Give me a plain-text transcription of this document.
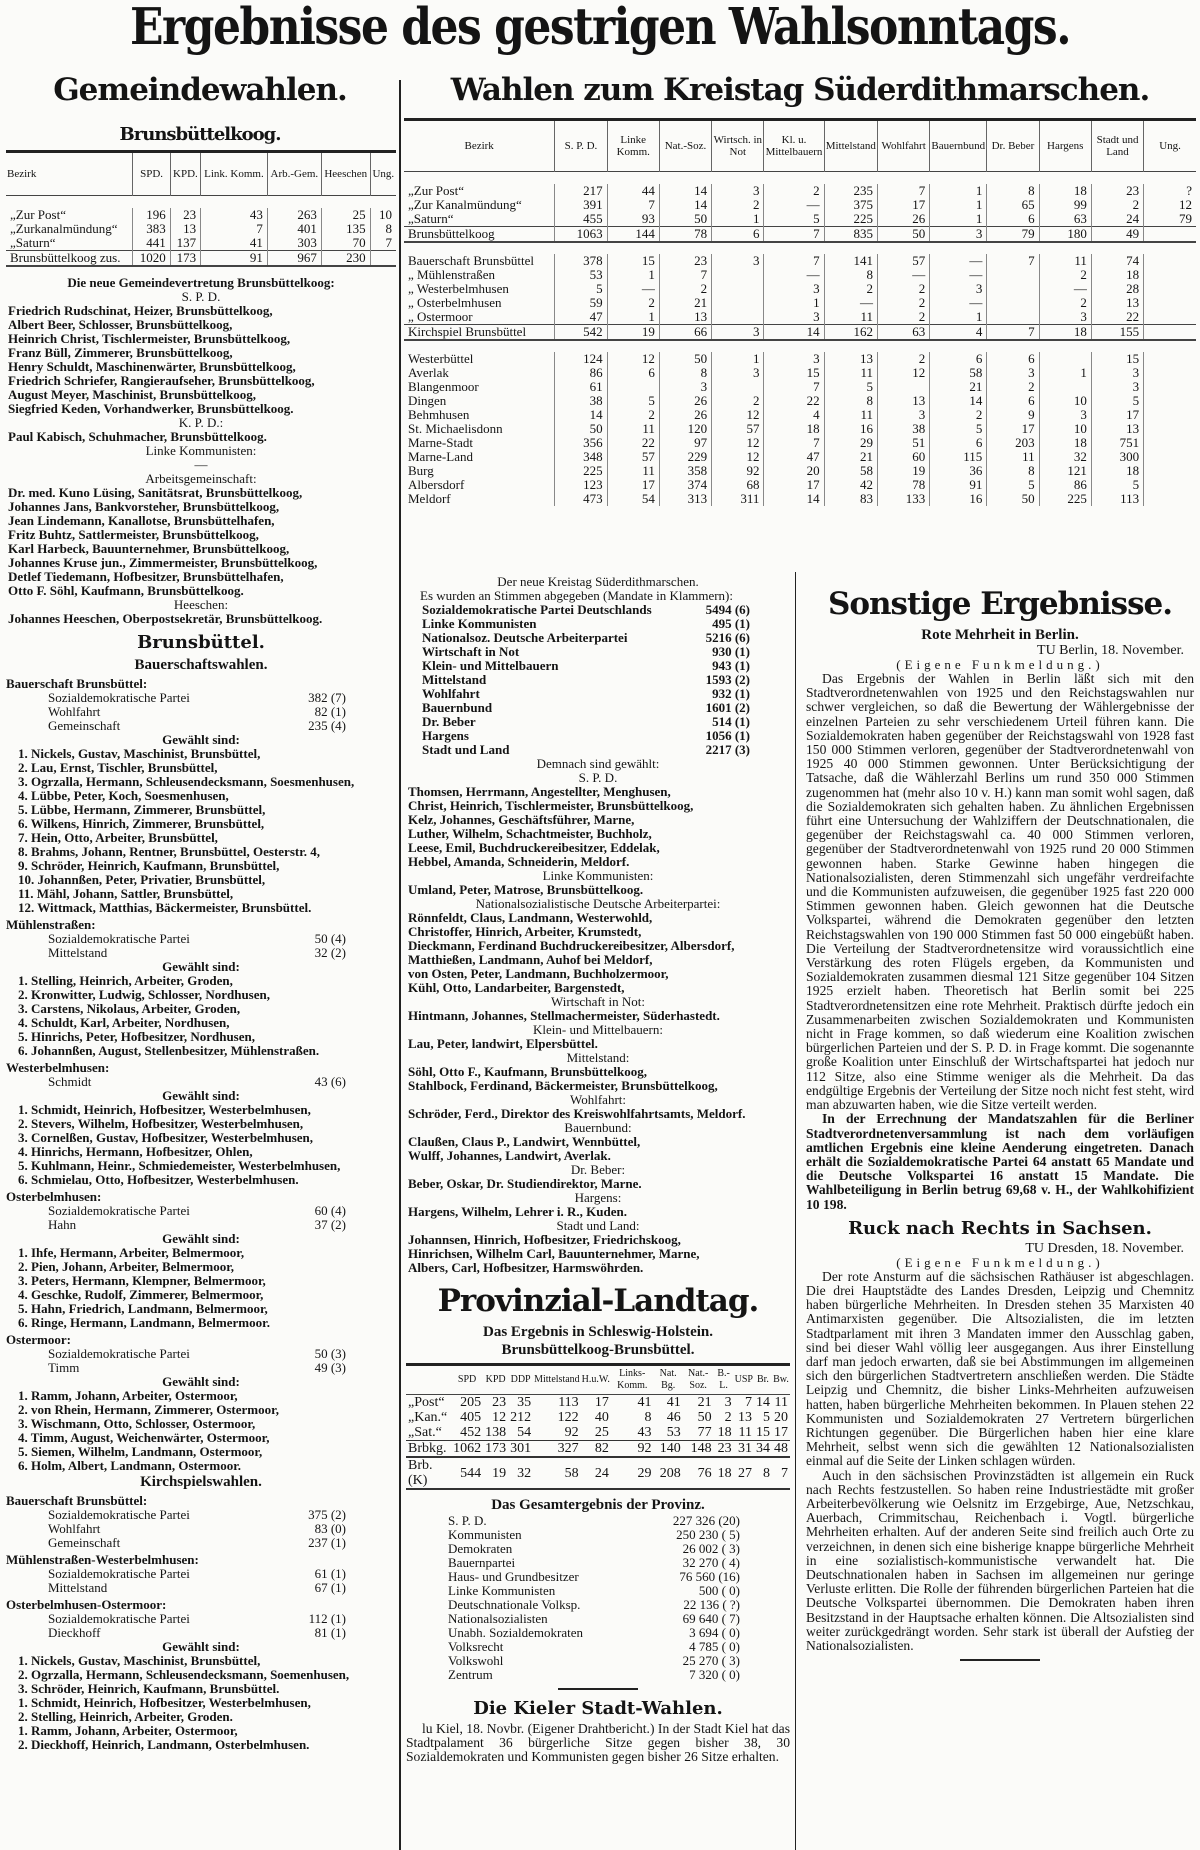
Ergebnisse des gestrigen Wahlsonntags.
Gemeindewahlen.	Wahlen zum Kreistag Süderdithmarschen.
Brunsbüttelkoog.
Bezirk	SPD.	KPD.	Link. Komm.	Arb.-Gem.	Heeschen	Ung.

„Zur Post“	196	23	43	263	25	10
„Zurkanalmündung“	383	13	7	401	135	8
„Saturn“	441	137	41	303	70	7
Brunsbüttelkoog zus.	1020	173	91	967	230	
Bezirk	S. P. D.	Linke Komm.	Nat.-Soz.	Wirtsch. in Not	Kl. u. Mittelbauern	Mittelstand	Wohlfahrt	Bauernbund	Dr. Beber	Hargens	Stadt und Land	Ung.

„Zur Post“	217	44	14	3	2	235	7	1	8	18	23	?
„Zur Kanalmündung“	391	7	14	2	—	375	17	1	65	99	2	12
„Saturn“	455	93	50	1	5	225	26	1	6	63	24	79
Brunsbüttelkoog	1063	144	78	6	7	835	50	3	79	180	49	

Bauerschaft Brunsbüttel	378	15	23	3	7	141	57	—	7	11	74	
„ Mühlenstraßen	53	1	7		—	8	—	—		2	18	
„ Westerbelmhusen	5	—	2		3	2	2	3		—	28	
„ Osterbelmhusen	59	2	21		1	—	2	—		2	13	
„ Ostermoor	47	1	13		3	11	2	1		3	22	
Kirchspiel Brunsbüttel	542	19	66	3	14	162	63	4	7	18	155	

Westerbüttel	124	12	50	1	3	13	2	6	6		15	
Averlak	86	6	8	3	15	11	12	58	3	1	3	
Blangenmoor	61		3		7	5		21	2		3	
Dingen	38	5	26	2	22	8	13	14	6	10	5	
Behmhusen	14	2	26	12	4	11	3	2	9	3	17	
St. Michaelisdonn	50	11	120	57	18	16	38	5	17	10	13	
Marne-Stadt	356	22	97	12	7	29	51	6	203	18	751	
Marne-Land	348	57	229	12	47	21	60	115	11	32	300	
Burg	225	11	358	92	20	58	19	36	8	121	18	
Albersdorf	123	17	374	68	17	42	78	91	5	86	5	
Meldorf	473	54	313	311	14	83	133	16	50	225	113	
Die neue Gemeindevertretung Brunsbüttelkoog:
S. P. D.
Friedrich Rudschinat, Heizer, Brunsbüttelkoog,
Albert Beer, Schlosser, Brunsbüttelkoog,
Heinrich Christ, Tischlermeister, Brunsbüttelkoog,
Franz Büll, Zimmerer, Brunsbüttelkoog,
Henry Schuldt, Maschinenwärter, Brunsbüttelkoog,
Friedrich Schriefer, Rangieraufseher, Brunsbüttelkoog,
August Meyer, Maschinist, Brunsbüttelkoog,
Siegfried Keden, Vorhandwerker, Brunsbüttelkoog.
K. P. D.:
Paul Kabisch, Schuhmacher, Brunsbüttelkoog.
Linke Kommunisten:
—
Arbeitsgemeinschaft:
Dr. med. Kuno Lüsing, Sanitätsrat, Brunsbüttelkoog,
Johannes Jans, Bankvorsteher, Brunsbüttelkoog,
Jean Lindemann, Kanallotse, Brunsbüttelhafen,
Fritz Buhtz, Sattlermeister, Brunsbüttelkoog,
Karl Harbeck, Bauunternehmer, Brunsbüttelkoog,
Johannes Kruse jun., Zimmermeister, Brunsbüttelkoog,
Detlef Tiedemann, Hofbesitzer, Brunsbüttelhafen,
Otto F. Söhl, Kaufmann, Brunsbüttelkoog.
Heeschen:
Johannes Heeschen, Oberpostsekretär, Brunsbüttelkoog.
Brunsbüttel.
Bauerschaftswahlen.
Bauerschaft Brunsbüttel:
Sozialdemokratische Partei	382 (7)
Wohlfahrt	82 (1)
Gemeinschaft	235 (4)
Gewählt sind:
1. Nickels, Gustav, Maschinist, Brunsbüttel,
2. Lau, Ernst, Tischler, Brunsbüttel,
3. Ogrzalla, Hermann, Schleusendecksmann, Soesmenhusen,
4. Lübbe, Peter, Koch, Soesmenhusen,
5. Lübbe, Hermann, Zimmerer, Brunsbüttel,
6. Wilkens, Hinrich, Zimmerer, Brunsbüttel,
7. Hein, Otto, Arbeiter, Brunsbüttel,
8. Brahms, Johann, Rentner, Brunsbüttel, Oesterstr. 4,
9. Schröder, Heinrich, Kaufmann, Brunsbüttel,
10. Johannßen, Peter, Privatier, Brunsbüttel,
11. Mähl, Johann, Sattler, Brunsbüttel,
12. Wittmack, Matthias, Bäckermeister, Brunsbüttel.
Mühlenstraßen:
Sozialdemokratische Partei	50 (4)
Mittelstand	32 (2)
Gewählt sind:
1. Stelling, Heinrich, Arbeiter, Groden,
2. Kronwitter, Ludwig, Schlosser, Nordhusen,
3. Carstens, Nikolaus, Arbeiter, Groden,
4. Schuldt, Karl, Arbeiter, Nordhusen,
5. Hinrichs, Peter, Hofbesitzer, Nordhusen,
6. Johannßen, August, Stellenbesitzer, Mühlenstraßen.
Westerbelmhusen:
Schmidt	43 (6)
Gewählt sind:
1. Schmidt, Heinrich, Hofbesitzer, Westerbelmhusen,
2. Stevers, Wilhelm, Hofbesitzer, Westerbelmhusen,
3. Cornelßen, Gustav, Hofbesitzer, Westerbelmhusen,
4. Hinrichs, Hermann, Hofbesitzer, Ohlen,
5. Kuhlmann, Heinr., Schmiedemeister, Westerbelmhusen,
6. Schmielau, Otto, Hofbesitzer, Westerbelmhusen.
Osterbelmhusen:
Sozialdemokratische Partei	60 (4)
Hahn	37 (2)
Gewählt sind:
1. Ihfe, Hermann, Arbeiter, Belmermoor,
2. Pien, Johann, Arbeiter, Belmermoor,
3. Peters, Hermann, Klempner, Belmermoor,
4. Geschke, Rudolf, Zimmerer, Belmermoor,
5. Hahn, Friedrich, Landmann, Belmermoor,
6. Ringe, Hermann, Landmann, Belmermoor.
Ostermoor:
Sozialdemokratische Partei	50 (3)
Timm	49 (3)
Gewählt sind:
1. Ramm, Johann, Arbeiter, Ostermoor,
2. von Rhein, Hermann, Zimmerer, Ostermoor,
3. Wischmann, Otto, Schlosser, Ostermoor,
4. Timm, August, Weichenwärter, Ostermoor,
5. Siemen, Wilhelm, Landmann, Ostermoor,
6. Holm, Albert, Landmann, Ostermoor.
Kirchspielswahlen.
Bauerschaft Brunsbüttel:
Sozialdemokratische Partei	375 (2)
Wohlfahrt	83 (0)
Gemeinschaft	237 (1)
Mühlenstraßen-Westerbelmhusen:
Sozialdemokratische Partei	61 (1)
Mittelstand	67 (1)
Osterbelmhusen-Ostermoor:
Sozialdemokratische Partei	112 (1)
Dieckhoff	81 (1)
Gewählt sind:
1. Nickels, Gustav, Maschinist, Brunsbüttel,
2. Ogrzalla, Hermann, Schleusendecksmann, Soemenhusen,
3. Schröder, Heinrich, Kaufmann, Brunsbüttel.
1. Schmidt, Heinrich, Hofbesitzer, Westerbelmhusen,
2. Stelling, Heinrich, Arbeiter, Groden.
1. Ramm, Johann, Arbeiter, Ostermoor,
2. Dieckhoff, Heinrich, Landmann, Osterbelmhusen.
Der neue Kreistag Süderdithmarschen.
Es wurden an Stimmen abgegeben (Mandate in Klammern):
Sozialdemokratische Partei Deutschlands	5494 (6)
Linke Kommunisten	495 (1)
Nationalsoz. Deutsche Arbeiterpartei	5216 (6)
Wirtschaft in Not	930 (1)
Klein- und Mittelbauern	943 (1)
Mittelstand	1593 (2)
Wohlfahrt	932 (1)
Bauernbund	1601 (2)
Dr. Beber	514 (1)
Hargens	1056 (1)
Stadt und Land	2217 (3)
Demnach sind gewählt:
S. P. D.
Thomsen, Herrmann, Angestellter, Menghusen,
Christ, Heinrich, Tischlermeister, Brunsbüttelkoog,
Kelz, Johannes, Geschäftsführer, Marne,
Luther, Wilhelm, Schachtmeister, Buchholz,
Leese, Emil, Buchdruckereibesitzer, Eddelak,
Hebbel, Amanda, Schneiderin, Meldorf.
Linke Kommunisten:
Umland, Peter, Matrose, Brunsbüttelkoog.
Nationalsozialistische Deutsche Arbeiterpartei:
Rönnfeldt, Claus, Landmann, Westerwohld,
Christoffer, Hinrich, Arbeiter, Krumstedt,
Dieckmann, Ferdinand Buchdruckereibesitzer, Albersdorf,
Matthießen, Landmann, Auhof bei Meldorf,
von Osten, Peter, Landmann, Buchholzermoor,
Kühl, Otto, Landarbeiter, Bargenstedt,
Wirtschaft in Not:
Hintmann, Johannes, Stellmachermeister, Süderhastedt.
Klein- und Mittelbauern:
Lau, Peter, landwirt, Elpersbüttel.
Mittelstand:
Söhl, Otto F., Kaufmann, Brunsbüttelkoog,
Stahlbock, Ferdinand, Bäckermeister, Brunsbüttelkoog,
Wohlfahrt:
Schröder, Ferd., Direktor des Kreiswohlfahrtsamts, Meldorf.
Bauernbund:
Claußen, Claus P., Landwirt, Wennbüttel,
Wulff, Johannes, Landwirt, Averlak.
Dr. Beber:
Beber, Oskar, Dr. Studiendirektor, Marne.
Hargens:
Hargens, Wilhelm, Lehrer i. R., Kuden.
Stadt und Land:
Johannsen, Hinrich, Hofbesitzer, Friedrichskoog,
Hinrichsen, Wilhelm Carl, Bauunternehmer, Marne,
Albers, Carl, Hofbesitzer, Harmswöhrden.
Provinzial-Landtag.
Das Ergebnis in Schleswig-Holstein.
Brunsbüttelkoog-Brunsbüttel.
	SPD	KPD	DDP	Mittelstand	H.u.W.	Links-Komm.	Nat. Bg.	Nat.-Soz.	B.-L.	USP	Br.	Bw.
„Post“	205	23	35	113	17	41	41	21	3	7	14	11
„Kan.“	405	12	212	122	40	8	46	50	2	13	5	20
„Sat.“	452	138	54	92	25	43	53	77	18	11	15	17
Brbkg.	1062	173	301	327	82	92	140	148	23	31	34	48
Brb.(K)	544	19	32	58	24	29	208	76	18	27	8	7
Das Gesamtergebnis der Provinz.
S. P. D.	227 326 (20)
Kommunisten	250 230 ( 5)
Demokraten	26 002 ( 3)
Bauernpartei	32 270 ( 4)
Haus- und Grundbesitzer	76 560 (16)
Linke Kommunisten	500 ( 0)
Deutschnationale Volksp.	22 136 ( ?)
Nationalsozialisten	69 640 ( 7)
Unabh. Sozialdemokraten	3 694 ( 0)
Volksrecht	4 785 ( 0)
Volkswohl	25 270 ( 3)
Zentrum	7 320 ( 0)
Die Kieler Stadt-Wahlen.
lu Kiel, 18. Novbr. (Eigener Drahtbericht.) In der Stadt Kiel hat das Stadtpalament 36 bürgerliche Sitze gegen bisher 38, 30 Sozialdemokraten und Kommunisten gegen bisher 26 Sitze erhalten.
Sonstige Ergebnisse.
Rote Mehrheit in Berlin.
TU Berlin, 18. November.
(Eigene Funkmeldung.)
Das Ergebnis der Wahlen in Berlin läßt sich mit den Stadtverordnetenwahlen von 1925 und den Reichstagswahlen nur schwer vergleichen, so daß die Bewertung der Wählergebnisse der einzelnen Parteien zu sehr verschiedenem Urteil führen kann. Die Sozialdemokraten haben gegenüber der Reichstagswahl von 1928 fast 150 000 Stimmen verloren, gegenüber der Stadtverordnetenwahl von 1925 40 000 Stimmen gewonnen. Unter Berücksichtigung der Tatsache, daß die Wählerzahl Berlins um rund 350 000 Stimmen zugenommen hat (mehr also 10 v. H.) kann man somit wohl sagen, daß die Sozialdemokraten sich gehalten haben. Zu ähnlichen Ergebnissen führt eine Untersuchung der Wahlziffern der Deutschnationalen, die gegenüber der Reichstagswahl ca. 40 000 Stimmen verloren, gegenüber der Stadtverordnetenwahl von 1925 rund 20 000 Stimmen gewonnen haben. Starke Gewinne haben hingegen die Nationalsozialisten, deren Stimmenzahl sich ungefähr verdreifachte und die Kommunisten aufzuweisen, die gegenüber 1925 fast 220 000 Stimmen gewonnen haben. Gleich gewonnen hat die Deutsche Volkspartei, während die Demokraten gegenüber den letzten Reichstagswahlen von 190 000 Stimmen fast 50 000 eingebüßt haben. Die Verteilung der Stadtverordnetensitze wird voraussichtlich eine Verstärkung des roten Flügels ergeben, da Kommunisten und Sozialdemokraten zusammen diesmal 121 Sitze gegenüber 104 Sitzen 1925 erzielt haben. Theoretisch hat Berlin somit bei 225 Stadtverordnetensitzen eine rote Mehrheit. Praktisch dürfte jedoch ein Zusammenarbeiten zwischen Sozialdemokraten und Kommunisten nicht in Frage kommen, so daß wiederum eine Koalition zwischen bürgerlichen Parteien und der S. P. D. in Frage kommt. Die sogenannte große Koalition unter Einschluß der Wirtschaftspartei hat jedoch nur 112 Sitze, also eine Stimme weniger als die Mehrheit. Da das endgültige Ergebnis der Verteilung der Sitze noch nicht fest steht, wird man abzuwarten haben, wie die Sitze verteilt werden.
In der Errechnung der Mandatszahlen für die Berliner Stadtverordnetenversammlung ist nach dem vorläufigen amtlichen Ergebnis eine kleine Aenderung eingetreten. Danach erhält die Sozialdemokratische Partei 64 anstatt 65 Mandate und die Deutsche Volkspartei 16 anstatt 15 Mandate. Die Wahlbeteiligung in Berlin betrug 69,68 v. H., der Wahlkohifizient 10 198.
Ruck nach Rechts in Sachsen.
TU Dresden, 18. November.
(Eigene Funkmeldung.)
Der rote Ansturm auf die sächsischen Rathäuser ist abgeschlagen. Die drei Hauptstädte des Landes Dresden, Leipzig und Chemnitz haben bürgerliche Mehrheiten. In Dresden stehen 35 Marxisten 40 Antimarxisten gegenüber. Die Altsozialisten, die im letzten Stadtparlament mit ihren 3 Mandaten immer den Ausschlag gaben, sind bei dieser Wahl völlig leer ausgegangen. Aus ihrer Einstellung darf man jedoch erwarten, daß sie bei Abstimmungen im allgemeinen sich den bürgerlichen Stadtvertretern anschließen werden. Die Städte Leipzig und Chemnitz, die bisher Links-Mehrheiten aufzuweisen hatten, haben bürgerliche Mehrheiten bekommen. In Plauen stehen 22 Kommunisten und Sozialdemokraten 27 Vertretern bürgerlichen Richtungen gegenüber. Die Bürgerlichen haben hier eine klare Mehrheit, selbst wenn sich die gewählten 12 Nationalsozialisten einmal auf die Seite der Linken schlagen würden.
Auch in den sächsischen Provinzstädten ist allgemein ein Ruck nach Rechts festzustellen. So haben reine Industriestädte mit großer Arbeiterbevölkerung wie Oelsnitz im Erzgebirge, Aue, Netzschkau, Auerbach, Crimmitschau, Reichenbach i. Vogtl. bürgerliche Mehrheiten erhalten. Auf der anderen Seite sind freilich auch Orte zu verzeichnen, in denen sich eine bisherige knappe bürgerliche Mehrheit in eine sozialistisch-kommunistische verwandelt hat. Die Deutschnationalen haben in Sachsen im allgemeinen nur geringe Verluste erlitten. Die Rolle der führenden bürgerlichen Parteien hat die Deutsche Volkspartei übernommen. Die Demokraten haben ihren Besitzstand in der Hauptsache erhalten können. Die Altsozialisten sind weiter zurückgedrängt worden. Sehr stark ist überall der Aufstieg der Nationalsozialisten.
